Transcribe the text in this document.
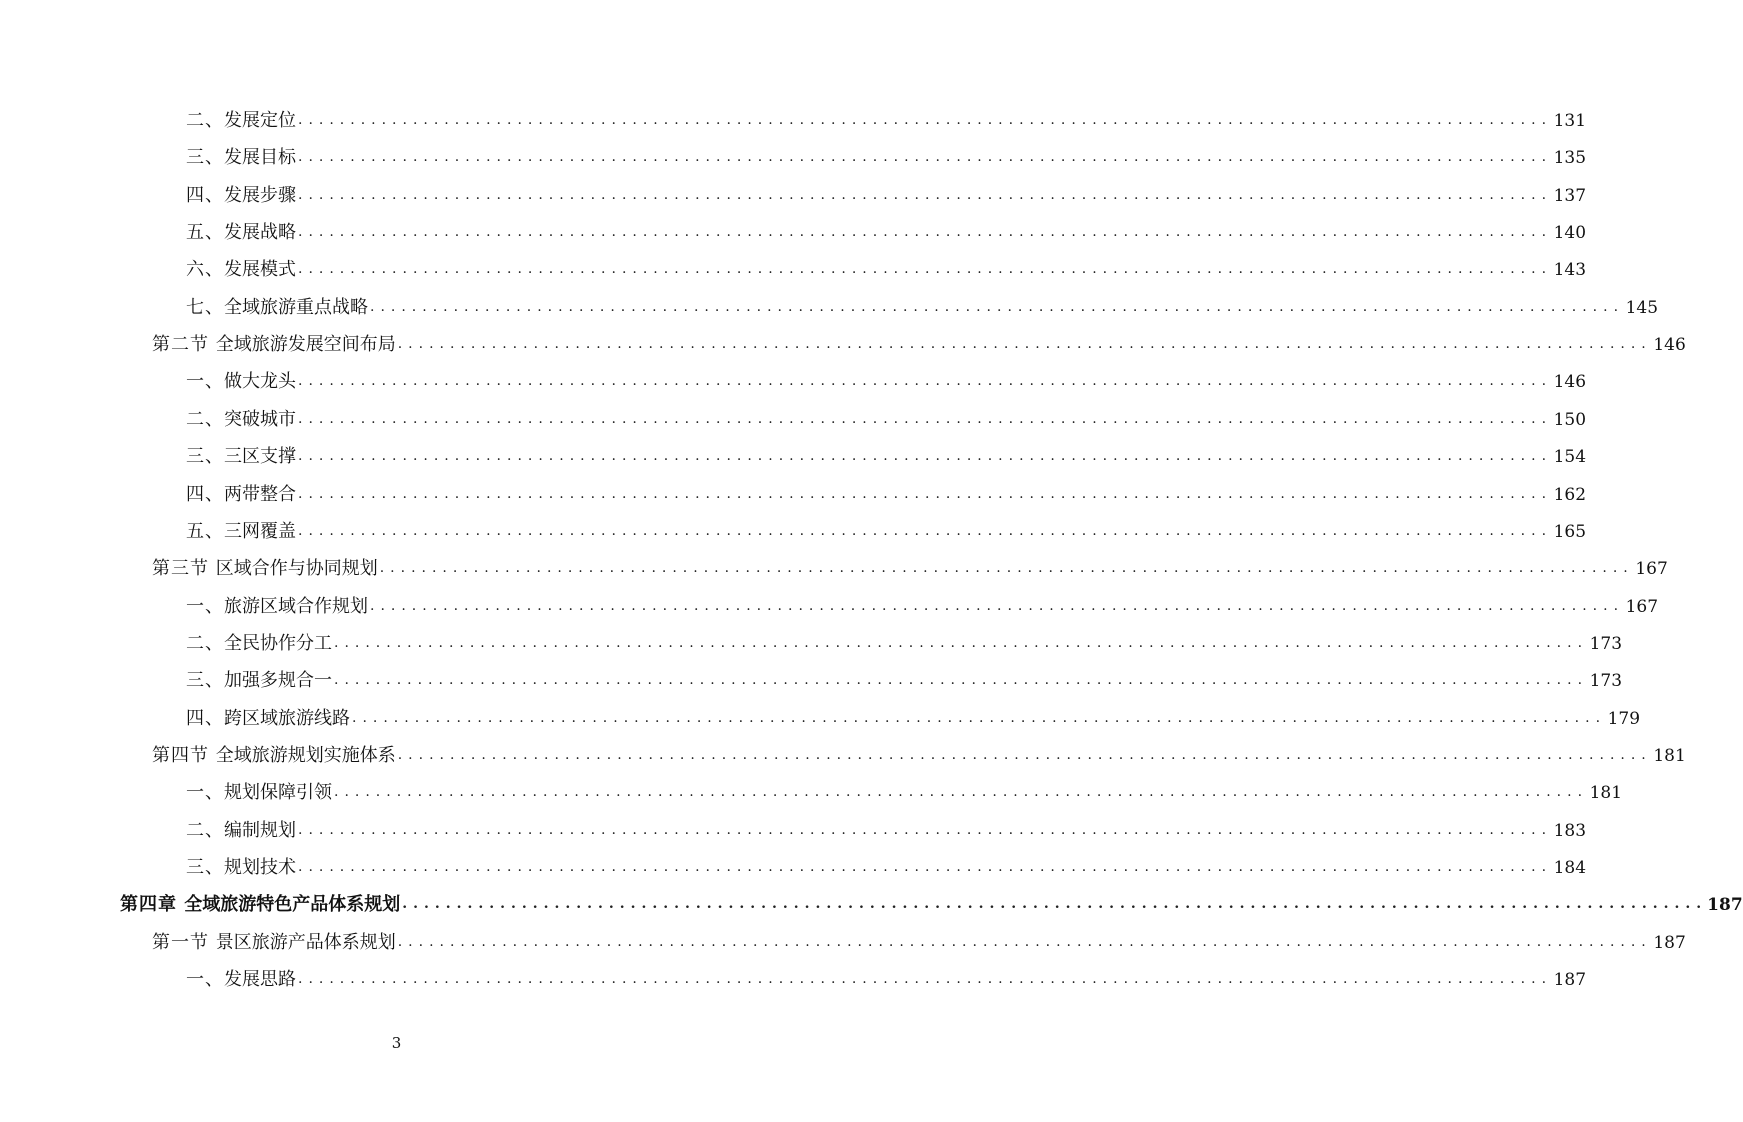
二、发展定位 ........................................................................................................................ 131
三、发展目标 ........................................................................................................................ 135
四、发展步骤 ........................................................................................................................ 137
五、发展战略 ........................................................................................................................ 140
六、发展模式 ........................................................................................................................ 143
七、全域旅游重点战略 ........................................................................................................................ 145
第二节 全域旅游发展空间布局 ........................................................................................................................ 146
一、做大龙头 ........................................................................................................................ 146
二、突破城市 ........................................................................................................................ 150
三、三区支撑 ........................................................................................................................ 154
四、两带整合 ........................................................................................................................ 162
五、三网覆盖 ........................................................................................................................ 165
第三节 区域合作与协同规划 ........................................................................................................................ 167
一、旅游区域合作规划 ........................................................................................................................ 167
二、全民协作分工 ........................................................................................................................ 173
三、加强多规合一 ........................................................................................................................ 173
四、跨区域旅游线路 ........................................................................................................................ 179
第四节 全域旅游规划实施体系 ........................................................................................................................ 181
一、规划保障引领 ........................................................................................................................ 181
二、编制规划 ........................................................................................................................ 183
三、规划技术 ........................................................................................................................ 184
第四章 全域旅游特色产品体系规划 ........................................................................................................................ 187
第一节 景区旅游产品体系规划 ........................................................................................................................ 187
一、发展思路 ........................................................................................................................ 187
3
